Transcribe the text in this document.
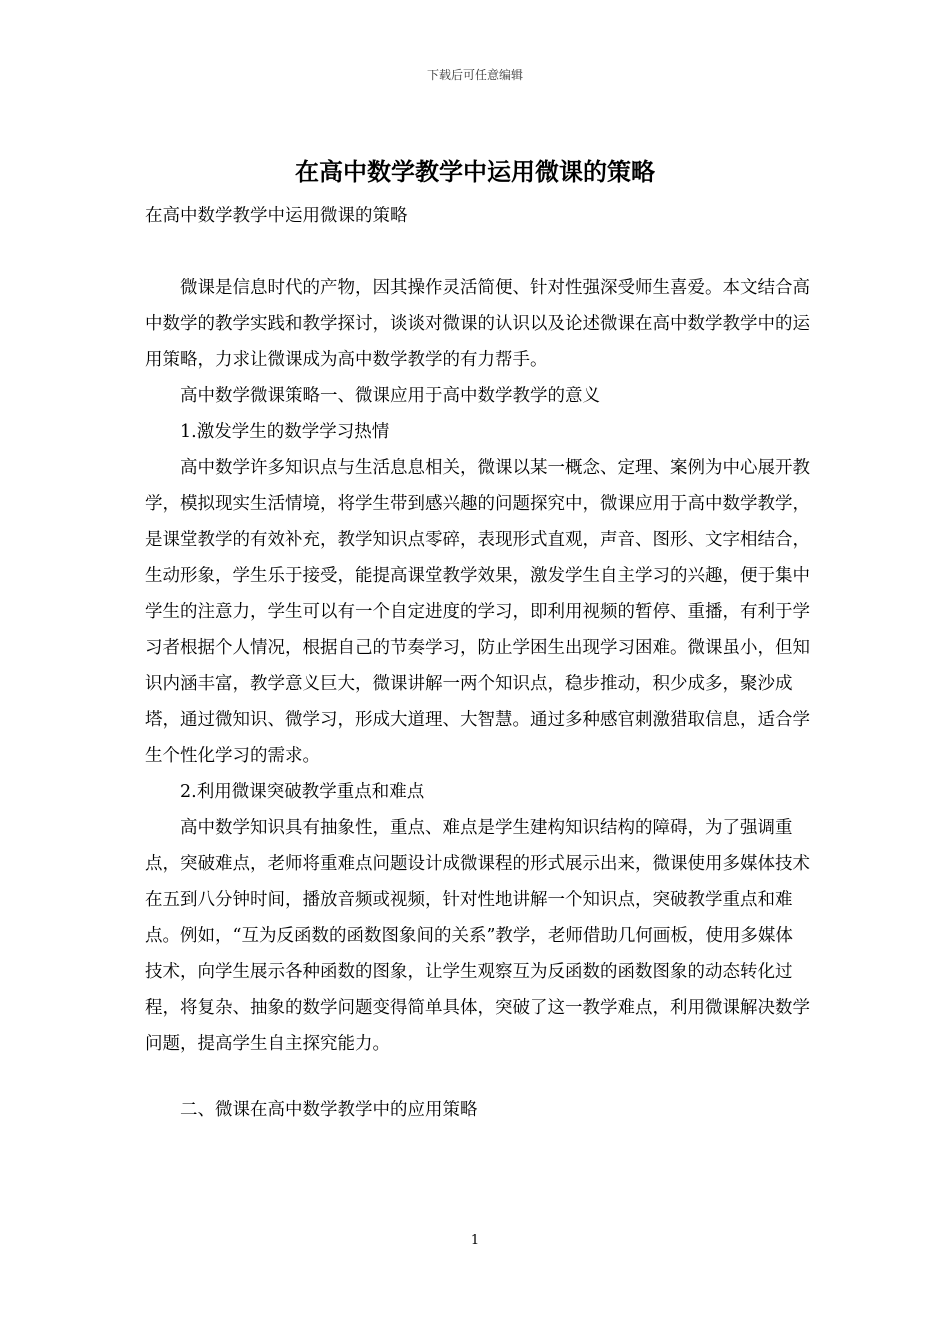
下载后可任意编辑
在高中数学教学中运用微课的策略

在高中数学教学中运用微课的策略

微课是信息时代的产物，因其操作灵活简便、针对性强深受师生喜爱。本文结合高中数学的教学实践和教学探讨，谈谈对微课的认识以及论述微课在高中数学教学中的运用策略，力求让微课成为高中数学教学的有力帮手。

高中数学微课策略一、微课应用于高中数学教学的意义

1.激发学生的数学学习热情

高中数学许多知识点与生活息息相关，微课以某一概念、定理、案例为中心展开教学，模拟现实生活情境，将学生带到感兴趣的问题探究中，微课应用于高中数学教学，是课堂教学的有效补充，教学知识点零碎，表现形式直观，声音、图形、文字相结合，生动形象，学生乐于接受，能提高课堂教学效果，激发学生自主学习的兴趣，便于集中学生的注意力，学生可以有一个自定进度的学习，即利用视频的暂停、重播，有利于学习者根据个人情况，根据自己的节奏学习，防止学困生出现学习困难。微课虽小，但知识内涵丰富，教学意义巨大，微课讲解一两个知识点，稳步推动，积少成多，聚沙成塔，通过微知识、微学习，形成大道理、大智慧。通过多种感官刺激猎取信息，适合学生个性化学习的需求。

2.利用微课突破教学重点和难点

高中数学知识具有抽象性，重点、难点是学生建构知识结构的障碍，为了强调重点，突破难点，老师将重难点问题设计成微课程的形式展示出来，微课使用多媒体技术在五到八分钟时间，播放音频或视频，针对性地讲解一个知识点，突破教学重点和难点。例如，“互为反函数的函数图象间的关系”教学，老师借助几何画板，使用多媒体技术，向学生展示各种函数的图象，让学生观察互为反函数的函数图象的动态转化过程，将复杂、抽象的数学问题变得简单具体，突破了这一教学难点，利用微课解决数学问题，提高学生自主探究能力。

二、微课在高中数学教学中的应用策略

1
